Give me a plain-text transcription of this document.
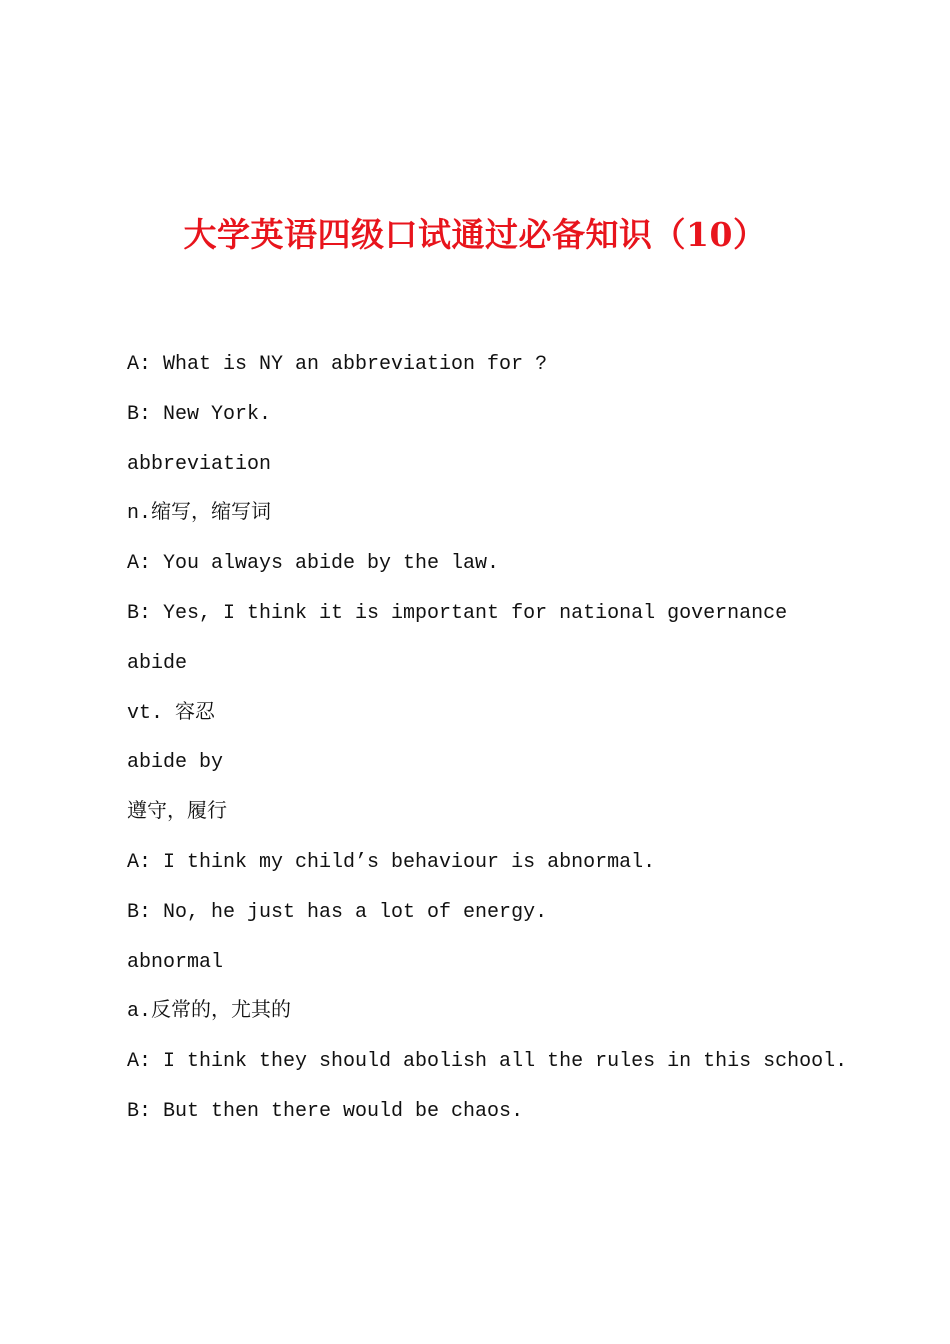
大学英语四级口试通过必备知识（10）
A: What is NY an abbreviation for ?
B: New York.
abbreviation
n.缩写，缩写词
A: You always abide by the law.
B: Yes, I think it is important for national governance
abide
vt. 容忍
abide by
遵守，履行
A: I think my child’s behaviour is abnormal.
B: No, he just has a lot of energy.
abnormal
a.反常的，尤其的
A: I think they should abolish all the rules in this school.
B: But then there would be chaos.
